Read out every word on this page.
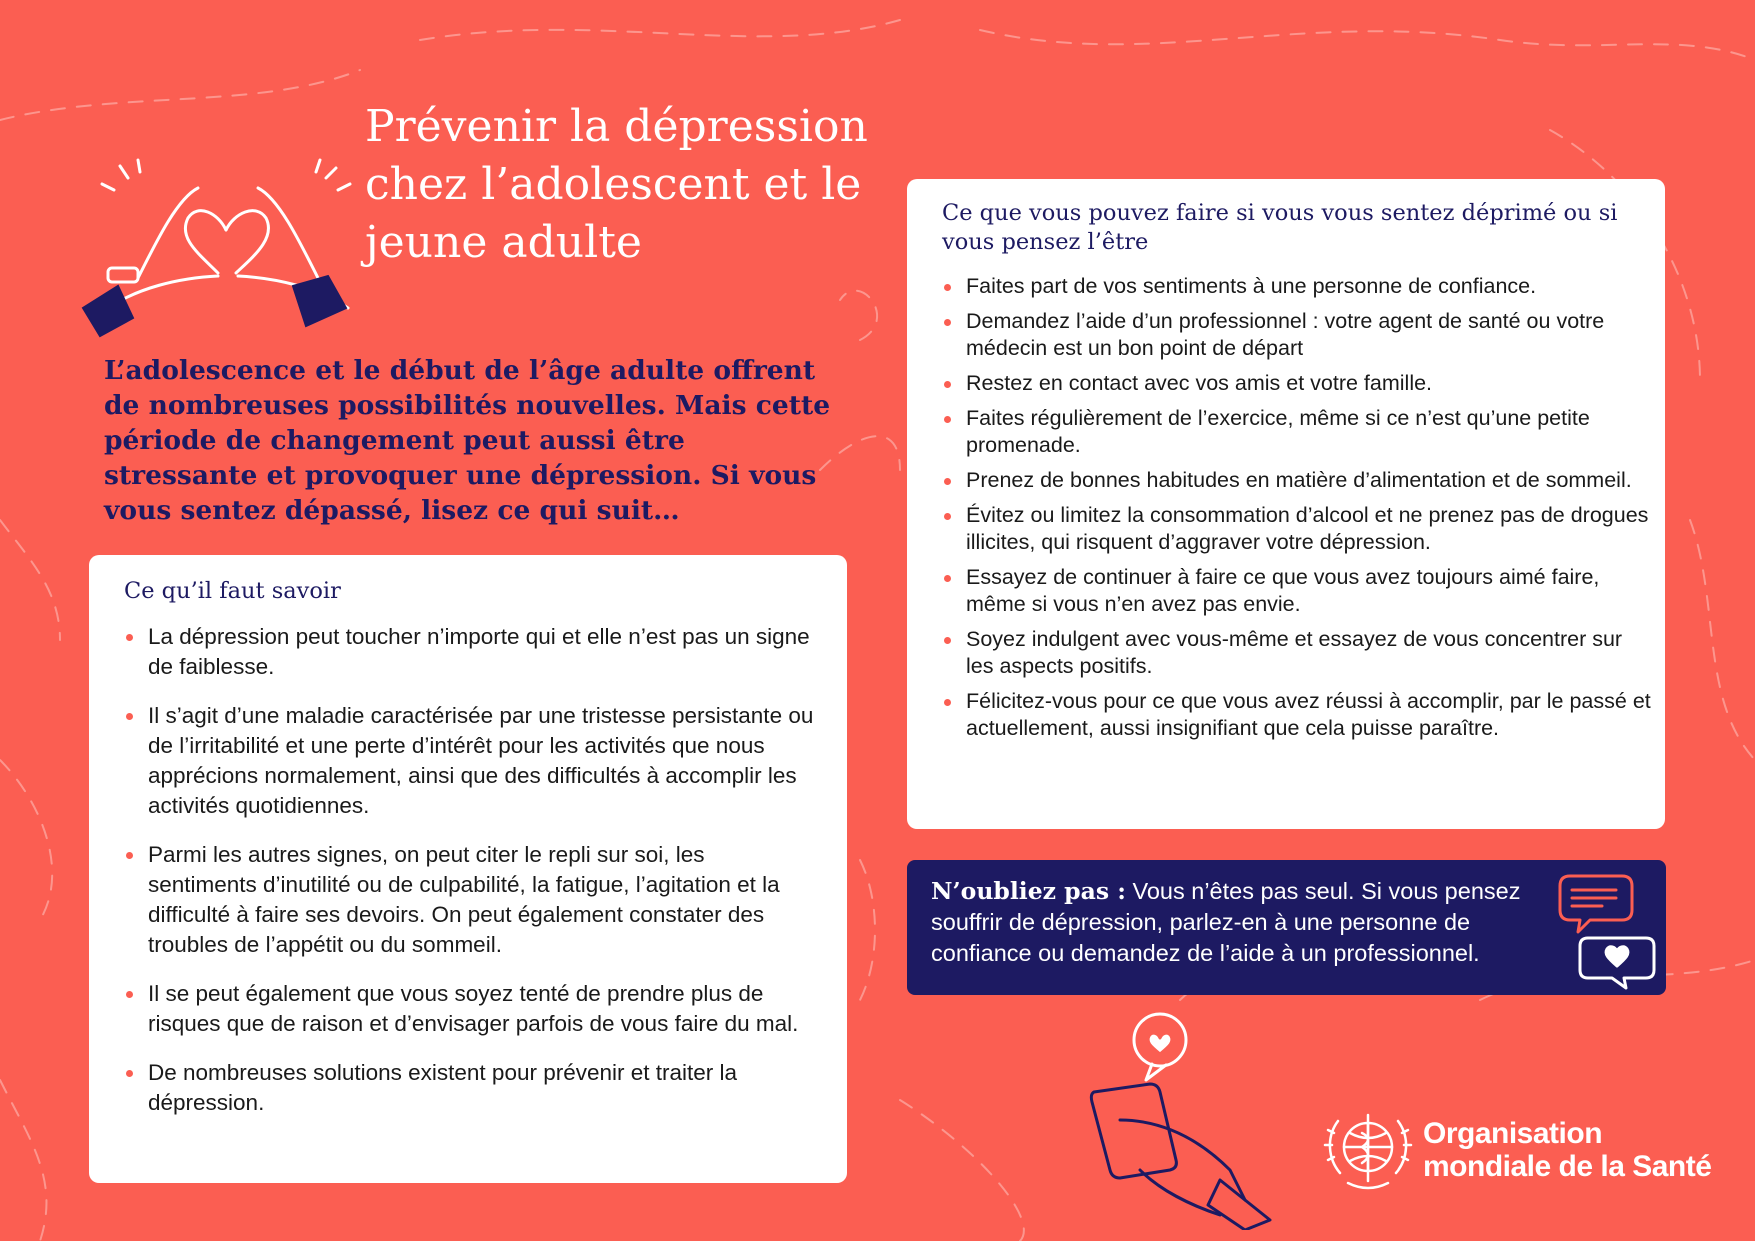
Prévenir la dépression chez l’adolescent et le jeune adulte

L’adolescence et le début de l’âge adulte offrent de nombreuses possibilités nouvelles. Mais cette période de changement peut aussi être stressante et provoquer une dépression. Si vous vous sentez dépassé, lisez ce qui suit…

Ce qu’il faut savoir
La dépression peut toucher n’importe qui et elle n’est pas un signe de faiblesse.
Il s’agit d’une maladie caractérisée par une tristesse persistante ou de l’irritabilité et une perte d’intérêt pour les activités que nous apprécions normalement, ainsi que des difficultés à accomplir les activités quotidiennes.
Parmi les autres signes, on peut citer le repli sur soi, les sentiments d’inutilité ou de culpabilité, la fatigue, l’agitation et la difficulté à faire ses devoirs. On peut également constater des troubles de l’appétit ou du sommeil.
Il se peut également que vous soyez tenté de prendre plus de risques que de raison et d’envisager parfois de vous faire du mal.
De nombreuses solutions existent pour prévenir et traiter la dépression.
Ce que vous pouvez faire si vous vous sentez déprimé ou si vous pensez l’être
Faites part de vos sentiments à une personne de confiance.
Demandez l’aide d’un professionnel : votre agent de santé ou votre médecin est un bon point de départ
Restez en contact avec vos amis et votre famille.
Faites régulièrement de l’exercice, même si ce n’est qu’une petite promenade.
Prenez de bonnes habitudes en matière d’alimentation et de sommeil.
Évitez ou limitez la consommation d’alcool et ne prenez pas de drogues illicites, qui risquent d’aggraver votre dépression.
Essayez de continuer à faire ce que vous avez toujours aimé faire, même si vous n’en avez pas envie.
Soyez indulgent avec vous-même et essayez de vous concentrer sur les aspects positifs.
Félicitez-vous pour ce que vous avez réussi à accomplir, par le passé et actuellement, aussi insignifiant que cela puisse paraître.
N’oubliez pas : Vous n’êtes pas seul. Si vous pensez souffrir de dépression, parlez-en à une personne de confiance ou demandez de l’aide à un professionnel.
Organisation
mondiale de la Santé
